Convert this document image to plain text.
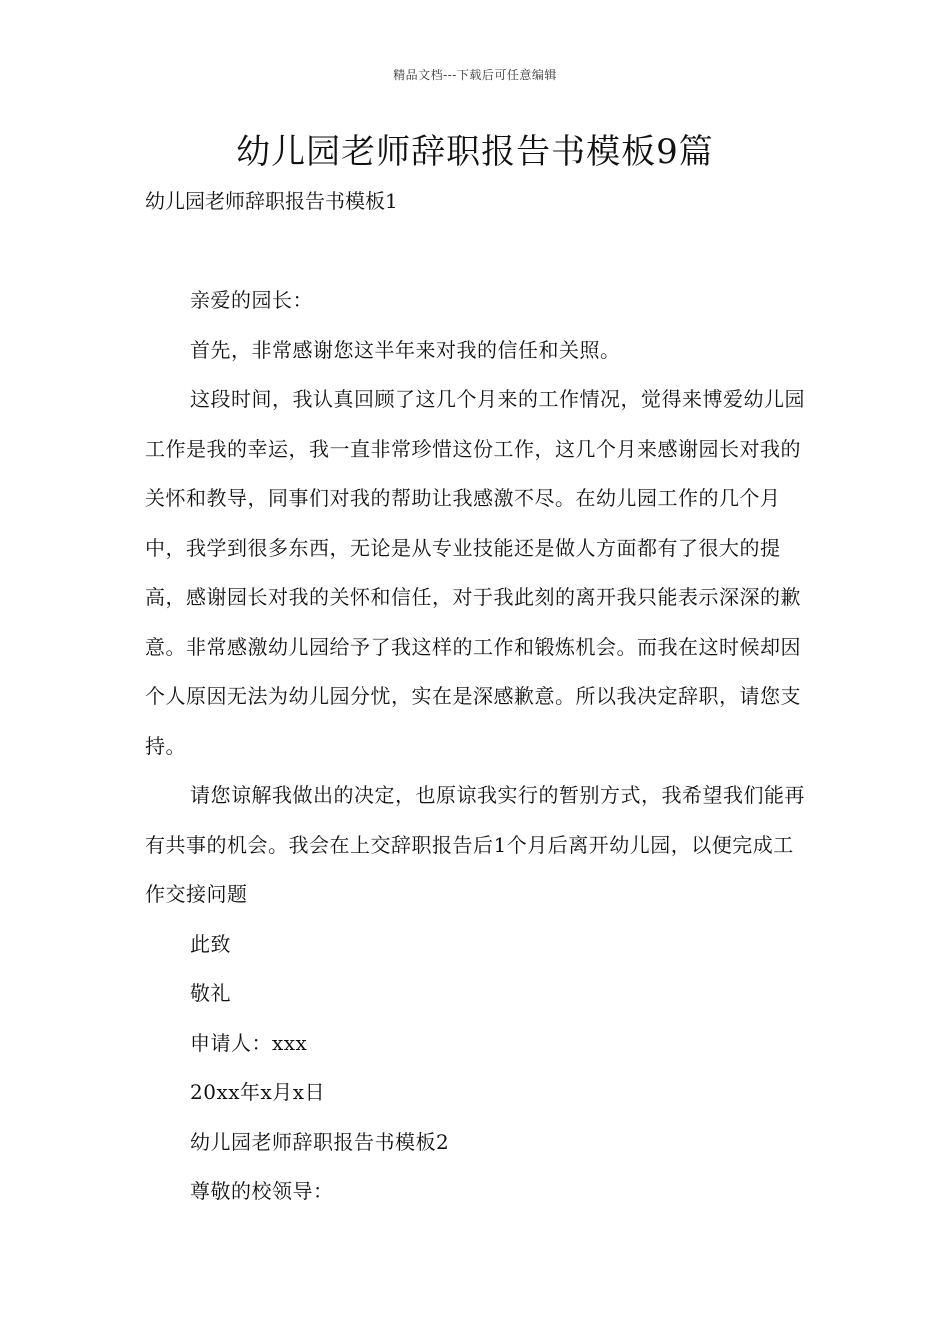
精品文档---下载后可任意编辑
幼儿园老师辞职报告书模板9篇
幼儿园老师辞职报告书模板1

亲爱的园长：

首先，非常感谢您这半年来对我的信任和关照。

这段时间，我认真回顾了这几个月来的工作情况，觉得来博爱幼儿园工作是我的幸运，我一直非常珍惜这份工作，这几个月来感谢园长对我的关怀和教导，同事们对我的帮助让我感激不尽。在幼儿园工作的几个月中，我学到很多东西，无论是从专业技能还是做人方面都有了很大的提高，感谢园长对我的关怀和信任，对于我此刻的离开我只能表示深深的歉意。非常感激幼儿园给予了我这样的工作和锻炼机会。而我在这时候却因个人原因无法为幼儿园分忧，实在是深感歉意。所以我决定辞职，请您支持。

请您谅解我做出的决定，也原谅我实行的暂别方式，我希望我们能再有共事的机会。我会在上交辞职报告后1个月后离开幼儿园，以便完成工作交接问题

此致

敬礼

申请人：xxx

20xx年x月x日

幼儿园老师辞职报告书模板2

尊敬的校领导：
